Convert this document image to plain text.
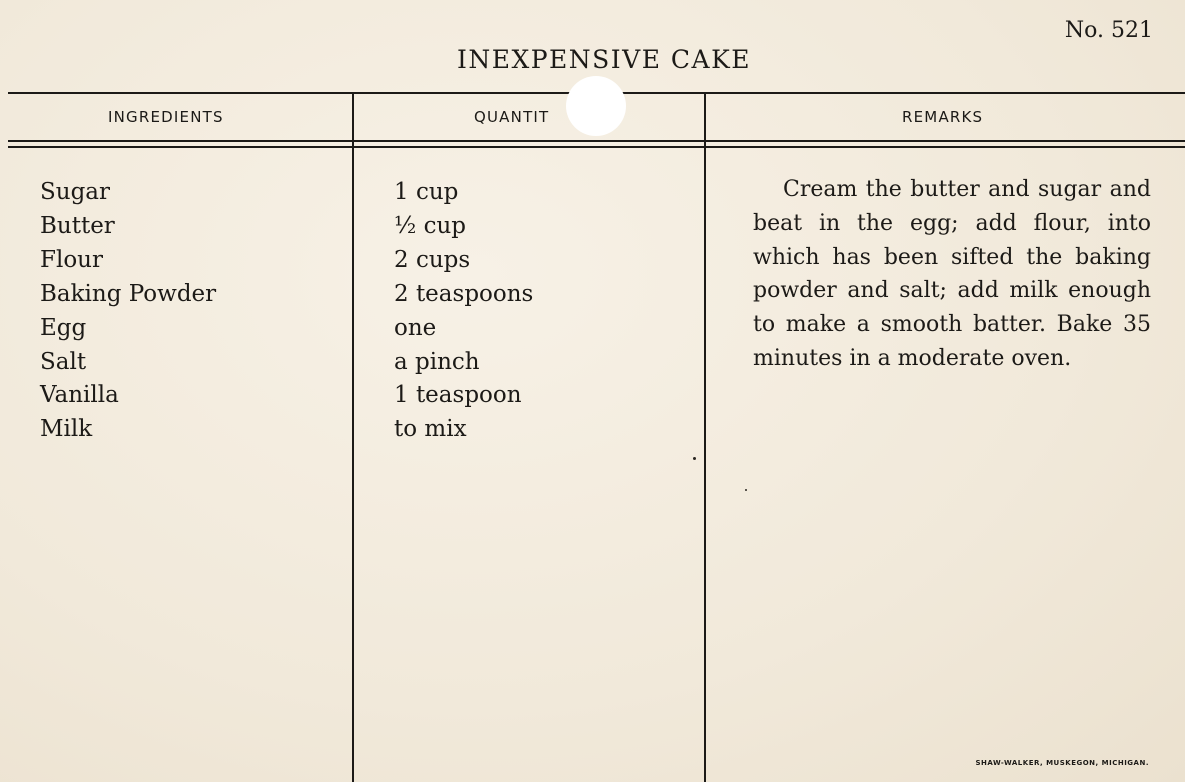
No. 521
INEXPENSIVE CAKE
INGREDIENTS	QUANTIT	REMARKS
Sugar
Butter
Flour
Baking Powder
Egg
Salt
Vanilla
Milk
1 cup
½ cup
2 cups
2 teaspoons
one
a pinch
1 teaspoon
to mix

Cream the butter and sugar and beat in the egg; add flour, into which has been sifted the baking powder and salt; add milk enough to make a smooth batter. Bake 35 minutes in a moderate oven.

SHAW-WALKER, MUSKEGON, MICHIGAN.
